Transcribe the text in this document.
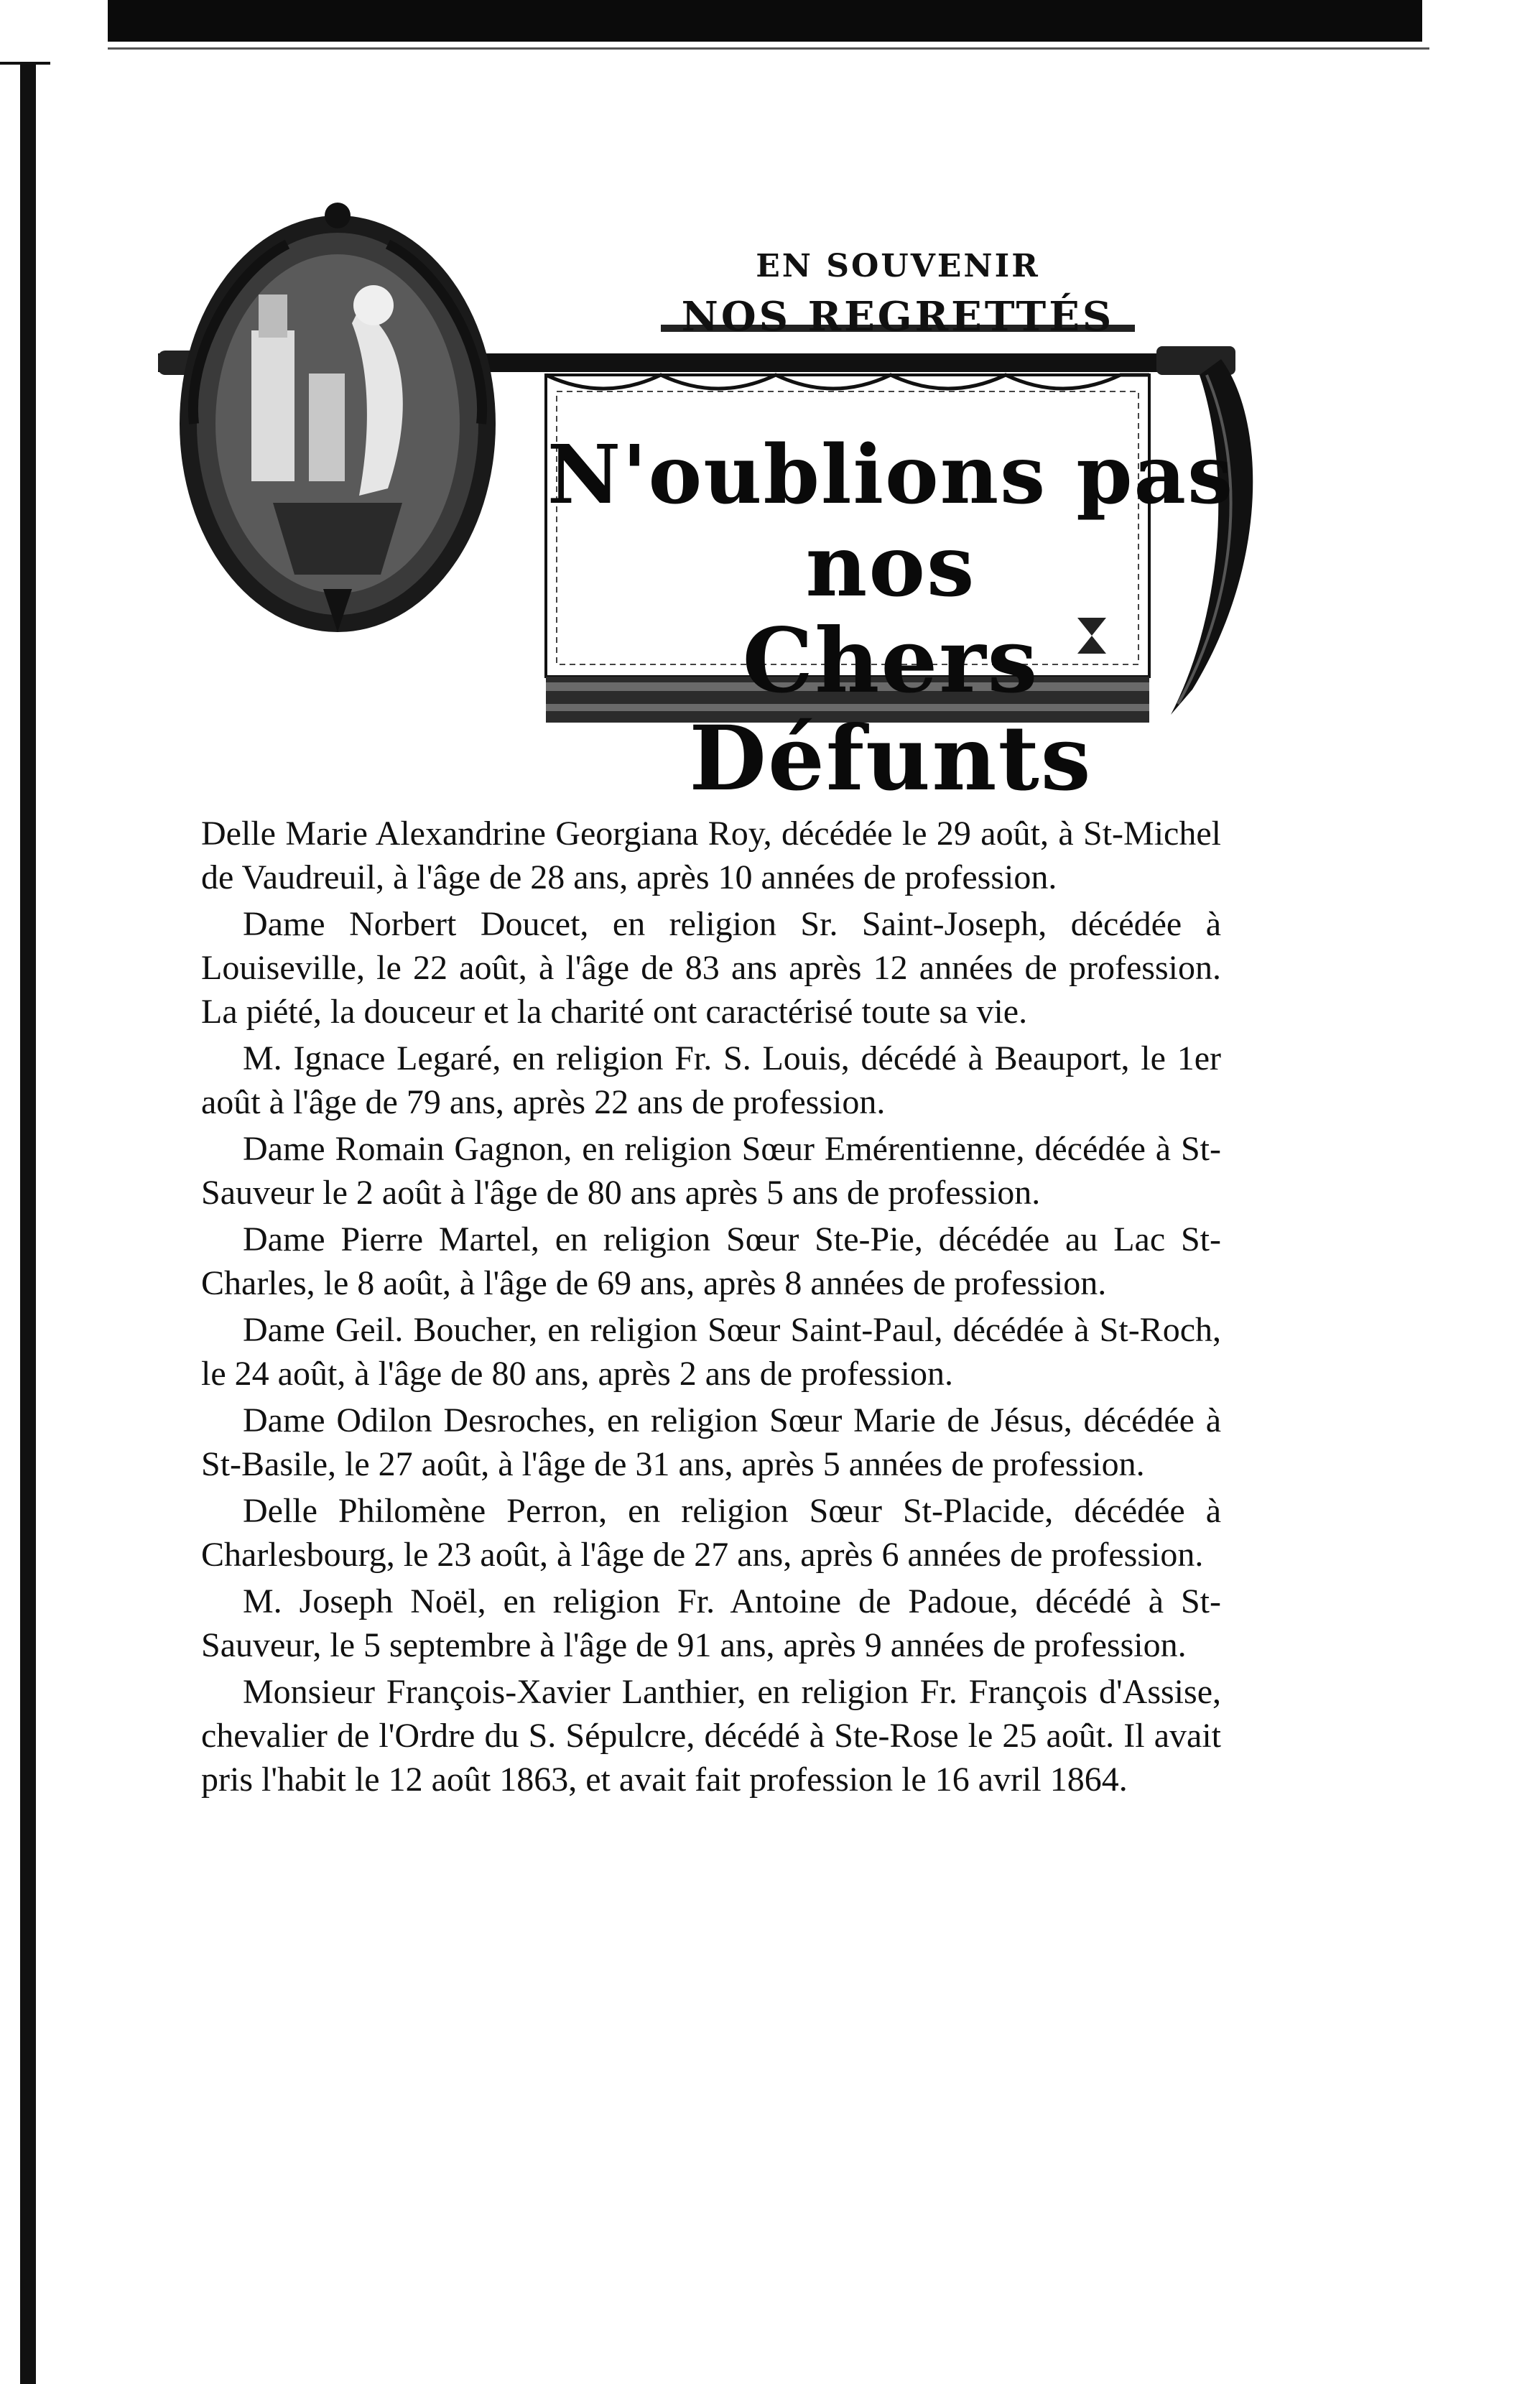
EN SOUVENIR
NOS REGRETTÉS
N'oublions pas
nos
Chers Défunts

Delle Marie Alexandrine Georgiana Roy, décédée le 29 août, à St-Michel de Vaudreuil, à l'âge de 28 ans, après 10 années de profession.

Dame Norbert Doucet, en religion Sr. Saint-Joseph, décédée à Louiseville, le 22 août, à l'âge de 83 ans après 12 années de profession. La piété, la douceur et la charité ont caractérisé toute sa vie.

M. Ignace Legaré, en religion Fr. S. Louis, décédé à Beauport, le 1er août à l'âge de 79 ans, après 22 ans de profession.

Dame Romain Gagnon, en religion Sœur Emérentienne, décédée à St-Sauveur le 2 août à l'âge de 80 ans après 5 ans de profession.

Dame Pierre Martel, en religion Sœur Ste-Pie, décédée au Lac St-Charles, le 8 août, à l'âge de 69 ans, après 8 années de profession.

Dame Geil. Boucher, en religion Sœur Saint-Paul, décédée à St-Roch, le 24 août, à l'âge de 80 ans, après 2 ans de profession.

Dame Odilon Desroches, en religion Sœur Marie de Jésus, décédée à St-Basile, le 27 août, à l'âge de 31 ans, après 5 années de profession.

Delle Philomène Perron, en religion Sœur St-Placide, décédée à Charlesbourg, le 23 août, à l'âge de 27 ans, après 6 années de profession.

M. Joseph Noël, en religion Fr. Antoine de Padoue, décédé à St-Sauveur, le 5 septembre à l'âge de 91 ans, après 9 années de profession.

Monsieur François-Xavier Lanthier, en religion Fr. François d'Assise, chevalier de l'Ordre du S. Sépulcre, décédé à Ste-Rose le 25 août. Il avait pris l'habit le 12 août 1863, et avait fait profession le 16 avril 1864.
